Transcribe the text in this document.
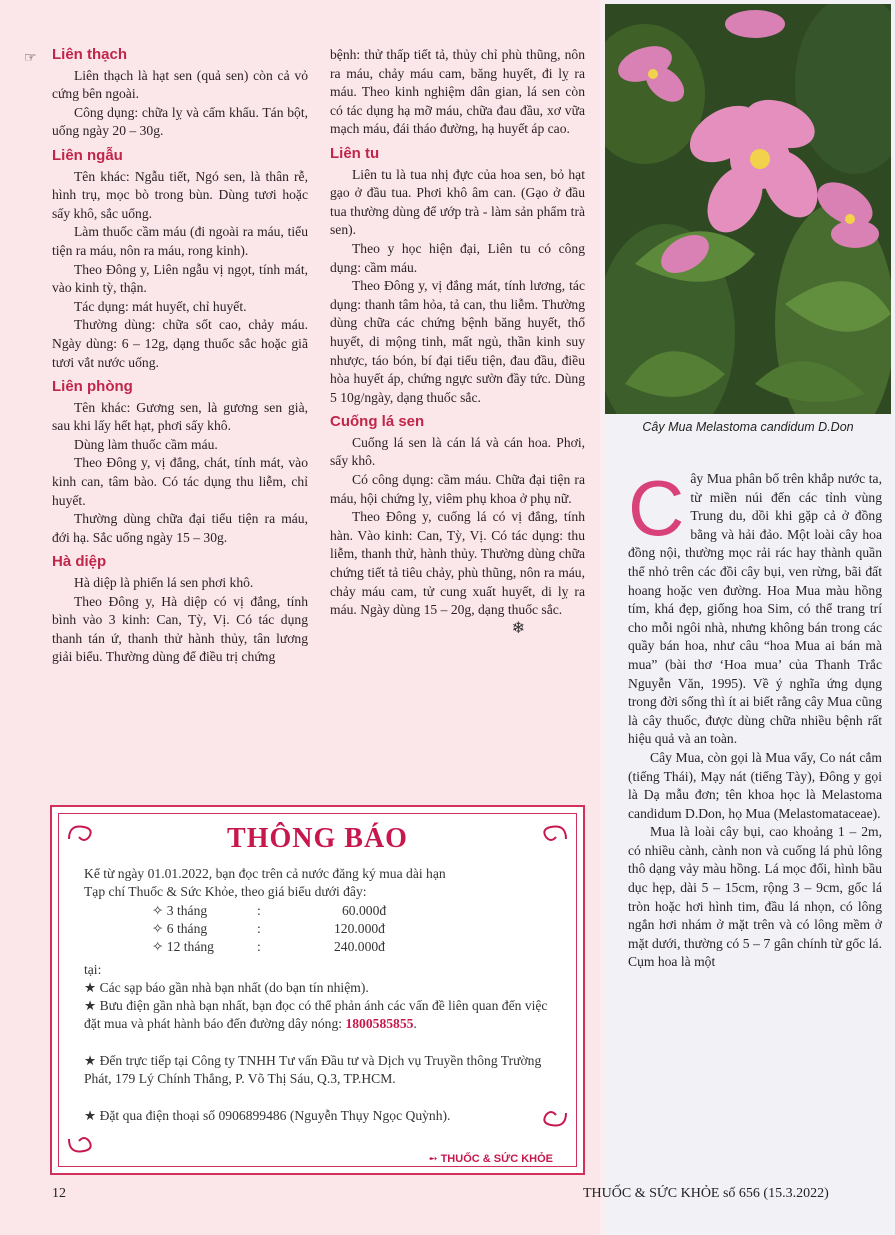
☞ Liên thạch

Liên thạch là hạt sen (quả sen) còn cả vỏ cứng bên ngoài.

Công dụng: chữa lỵ và cấm khẩu. Tán bột, uống ngày 20 – 30g.

Liên ngẫu

Tên khác: Ngẫu tiết, Ngó sen, là thân rễ, hình trụ, mọc bò trong bùn. Dùng tươi hoặc sấy khô, sắc uống.

Làm thuốc cầm máu (đi ngoài ra máu, tiểu tiện ra máu, nôn ra máu, rong kinh).

Theo Đông y, Liên ngẫu vị ngọt, tính mát, vào kinh tỳ, thận.

Tác dụng: mát huyết, chỉ huyết.

Thường dùng: chữa sốt cao, chảy máu. Ngày dùng: 6 – 12g, dạng thuốc sắc hoặc giã tươi vắt nước uống.

Liên phòng

Tên khác: Gương sen, là gương sen già, sau khi lấy hết hạt, phơi sấy khô.

Dùng làm thuốc cầm máu.

Theo Đông y, vị đắng, chát, tính mát, vào kinh can, tâm bào. Có tác dụng thu liễm, chỉ huyết.

Thường dùng chữa đại tiểu tiện ra máu, đới hạ. Sắc uống ngày 15 – 30g.

Hà diệp

Hà diệp là phiến lá sen phơi khô.

Theo Đông y, Hà diệp có vị đắng, tính bình vào 3 kinh: Can, Tỳ, Vị. Có tác dụng thanh tán ứ, thanh thử hành thủy, tân lương giải biểu. Thường dùng để điều trị chứng

bệnh: thử thấp tiết tả, thủy chỉ phù thũng, nôn ra máu, chảy máu cam, băng huyết, đi lỵ ra máu. Theo kinh nghiệm dân gian, lá sen còn có tác dụng hạ mỡ máu, chữa đau đầu, xơ vữa mạch máu, đái tháo đường, hạ huyết áp cao.

Liên tu

Liên tu là tua nhị đực của hoa sen, bỏ hạt gạo ở đầu tua. Phơi khô âm can. (Gạo ở đầu tua thường dùng để ướp trà - làm sản phẩm trà sen).

Theo y học hiện đại, Liên tu có công dụng: cầm máu.

Theo Đông y, vị đắng mát, tính lương, tác dụng: thanh tâm hỏa, tả can, thu liễm. Thường dùng chữa các chứng bệnh băng huyết, thổ huyết, di mộng tinh, mất ngủ, thần kinh suy nhược, táo bón, bí đại tiểu tiện, đau đầu, điều hòa huyết áp, chứng ngực sườn đầy tức. Dùng 5 10g/ngày, dạng thuốc sắc.

Cuống lá sen

Cuống lá sen là cán lá và cán hoa. Phơi, sấy khô.

Có công dụng: cầm máu. Chữa đại tiện ra máu, hội chứng lỵ, viêm phụ khoa ở phụ nữ.

Theo Đông y, cuống lá có vị đắng, tính hàn. Vào kinh: Can, Tỳ, Vị. Có tác dụng: thu liễm, thanh thử, hành thủy. Thường dùng chữa chứng tiết tả tiêu chảy, phù thũng, nôn ra máu, chảy máu cam, tử cung xuất huyết, di lỵ ra máu. Ngày dùng 15 – 20g, dạng thuốc sắc.

❄
Cây Mua Melastoma candidum D.Don
C ây Mua phân bố trên khắp nước ta, từ miền núi đến các tỉnh vùng Trung du, dồi khi gặp cả ở đồng bằng và hải đảo. Một loài cây hoa đồng nội, thường mọc rải rác hay thành quần thể nhỏ trên các đồi cây bụi, ven rừng, bãi đất hoang hoặc ven đường. Hoa Mua màu hồng tím, khá đẹp, giống hoa Sim, có thể trang trí cho mỗi ngôi nhà, nhưng không bán trong các quầy bán hoa, như câu “hoa Mua ai bán mà mua” (bài thơ ‘Hoa mua’ của Thanh Trắc Nguyễn Văn, 1995). Về ý nghĩa ứng dụng trong đời sống thì ít ai biết rằng cây Mua cũng là cây thuốc, được dùng chữa nhiều bệnh rất hiệu quả và an toàn.

Cây Mua, còn gọi là Mua vẩy, Co nát cắm (tiếng Thái), Mạy nát (tiếng Tày), Đông y gọi là Dạ mẫu đơn; tên khoa học là Melastoma candidum D.Don, họ Mua (Melastomataceae).

Mua là loài cây bụi, cao khoảng 1 – 2m, có nhiều cành, cành non và cuống lá phủ lông thô dạng vảy màu hồng. Lá mọc đối, hình bầu dục hẹp, dài 5 – 15cm, rộng 3 – 9cm, gốc lá tròn hoặc hơi hình tim, đầu lá nhọn, có lông ngắn hơi nhám ở mặt trên và có lông mềm ở mặt dưới, thường có 5 – 7 gân chính từ gốc lá. Cụm hoa là một

THÔNG BÁO
Kể từ ngày 01.01.2022, bạn đọc trên cả nước đăng ký mua dài hạn
Tạp chí Thuốc & Sức Khỏe, theo giá biểu dưới đây:
✧ 3 tháng	:	60.000đ
✧ 6 tháng	:	120.000đ
✧ 12 tháng	:	240.000đ
tại:
★ Các sạp báo gần nhà bạn nhất (do bạn tín nhiệm).
★ Bưu điện gần nhà bạn nhất, bạn đọc có thể phản ánh các vấn đề liên quan đến việc đặt mua và phát hành báo đến đường dây nóng: 1800585855.
★ Đến trực tiếp tại Công ty TNHH Tư vấn Đầu tư và Dịch vụ Truyền thông Trường Phát, 179 Lý Chính Thắng, P. Võ Thị Sáu, Q.3, TP.HCM.
★ Đặt qua điện thoại số 0906899486 (Nguyễn Thụy Ngọc Quỳnh).
➻ THUỐC & SỨC KHỎE
12	THUỐC & SỨC KHỎE số 656 (15.3.2022)
